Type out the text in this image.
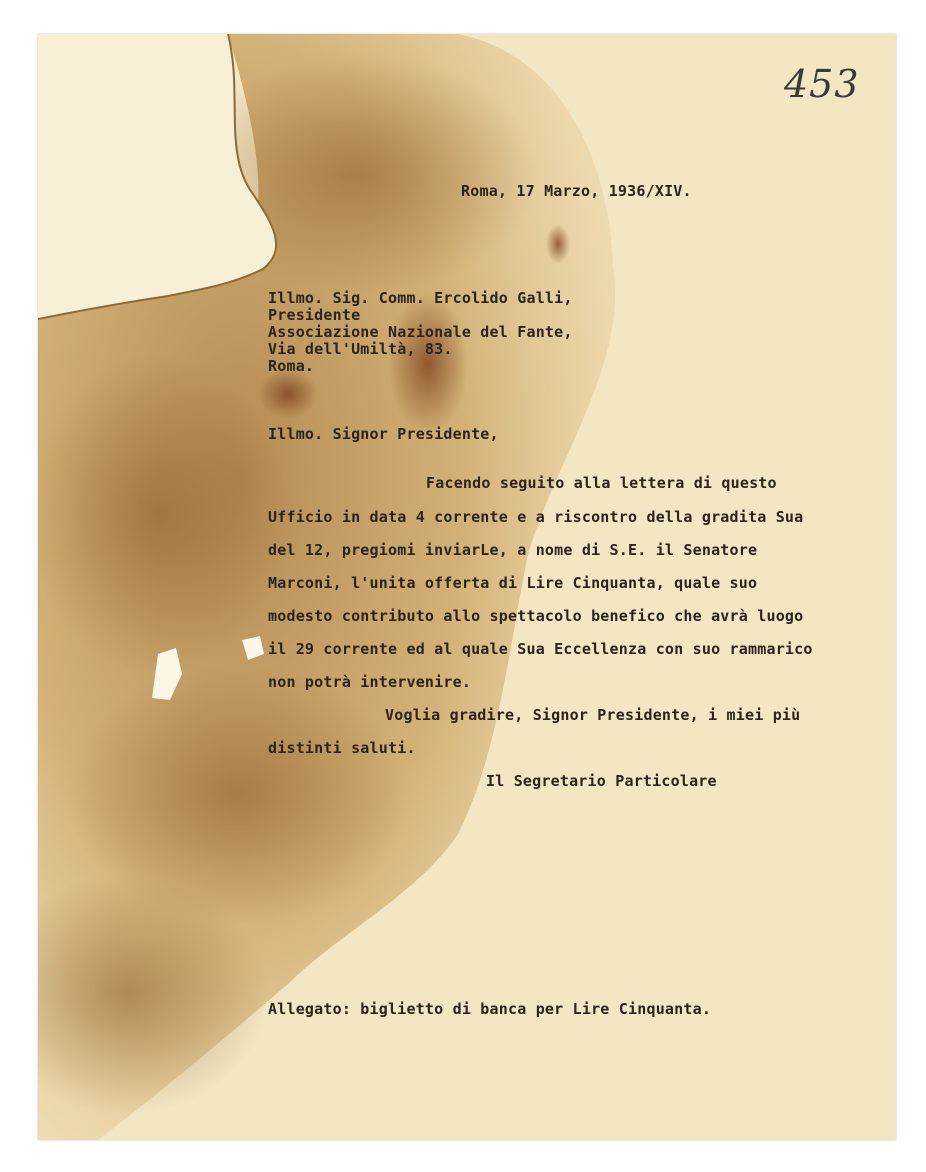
453
Roma, 17 Marzo, 1936/XIV.
Illmo. Sig. Comm. Ercolido Galli,
Presidente
Associazione Nazionale del Fante,
Via dell'Umiltà, 83.
Roma.
Illmo. Signor Presidente,
Facendo seguito alla lettera di questo
Ufficio in data 4 corrente e a riscontro della gradita Sua
del 12, pregiomi inviarLe, a nome di S.E. il Senatore
Marconi, l'unita offerta di Lire Cinquanta, quale suo
modesto contributo allo spettacolo benefico che avrà luogo
il 29 corrente ed al quale Sua Eccellenza con suo rammarico
non potrà intervenire.
Voglia gradire, Signor Presidente, i miei più
distinti saluti.
Il Segretario Particolare
Allegato: biglietto di banca per Lire Cinquanta.
